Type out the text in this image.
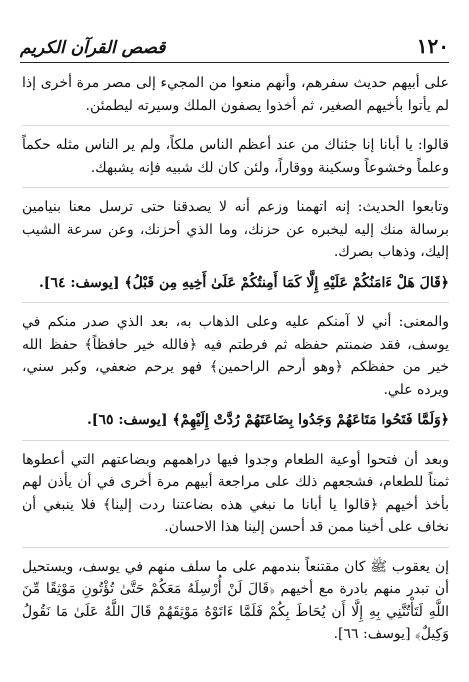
قصص القرآن الكريم	١٢٠

على أبيهم حديث سفرهم، وأنهم منعوا من المجيء إلى مصر مرة أخرى إذا لم يأتوا بأخيهم الصغير، ثم أخذوا يصفون الملك وسيرته ليطمئن.

قالوا: يا أبانا إنا جئناك من عند أعظم الناس ملكاً، ولم ير الناس مثله حكماً وعلماً وخشوعاً وسكينة ووقاراً، ولئن كان لك شبيه فإنه يشبهك.

وتابعوا الحديث: إنه اتهمنا وزعم أنه لا يصدقنا حتى ترسل معنا بنيامين برسالة منك إليه ليخبره عن حزنك، وما الذي أحزنك، وعن سرعة الشيب إليك، وذهاب بصرك.

﴿قَالَ هَلْ ءَامَنُكُمْ عَلَيْهِ إِلَّا كَمَا أَمِنتُكُمْ عَلَىٰ أَخِيهِ مِن قَبْلُ﴾ [يوسف: ٦٤].

والمعنى: أني لا آمنكم عليه وعلى الذهاب به، بعد الذي صدر منكم في يوسف، فقد ضمنتم حفظه ثم فرطتم فيه ﴿فالله خير حافظاً﴾ حفظ الله خير من حفظكم ﴿وهو أرحم الراحمين﴾ فهو يرحم ضعفي، وكبر سني، ويرده علي.

﴿وَلَمَّا فَتَحُوا مَتَاعَهُمْ وَجَدُوا بِضَاعَتَهُمْ رُدَّتْ إِلَيْهِمْ﴾ [يوسف: ٦٥].

وبعد أن فتحوا أوعية الطعام وجدوا فيها دراهمهم وبضاعتهم التي أعطوها ثمناً للطعام، فشجعهم ذلك على مراجعة أبيهم مرة أخرى في أن يأذن لهم بأخذ أخيهم ﴿قالوا يا أبانا ما نبغي هذه بضاعتنا ردت إلينا﴾ فلا ينبغي أن نخاف على أخينا ممن قد أحسن إلينا هذا الاحسان.

إن يعقوب ﷺ كان مقتنعاً بندمهم على ما سلف منهم في يوسف، ويستحيل أن تبدر منهم بادرة مع أخيهم ﴿قَالَ لَنْ أُرْسِلَهُ مَعَكُمْ حَتَّىٰ تُؤْتُونِ مَوْثِقًا مِّنَ اللَّهِ لَتَأْتُنَّنِي بِهِ إِلَّا أَن يُحَاطَ بِكُمْ فَلَمَّا ءَاتَوْهُ مَوْثِقَهُمْ قَالَ اللَّهُ عَلَىٰ مَا نَقُولُ وَكِيلٌ﴾ [يوسف: ٦٦].
